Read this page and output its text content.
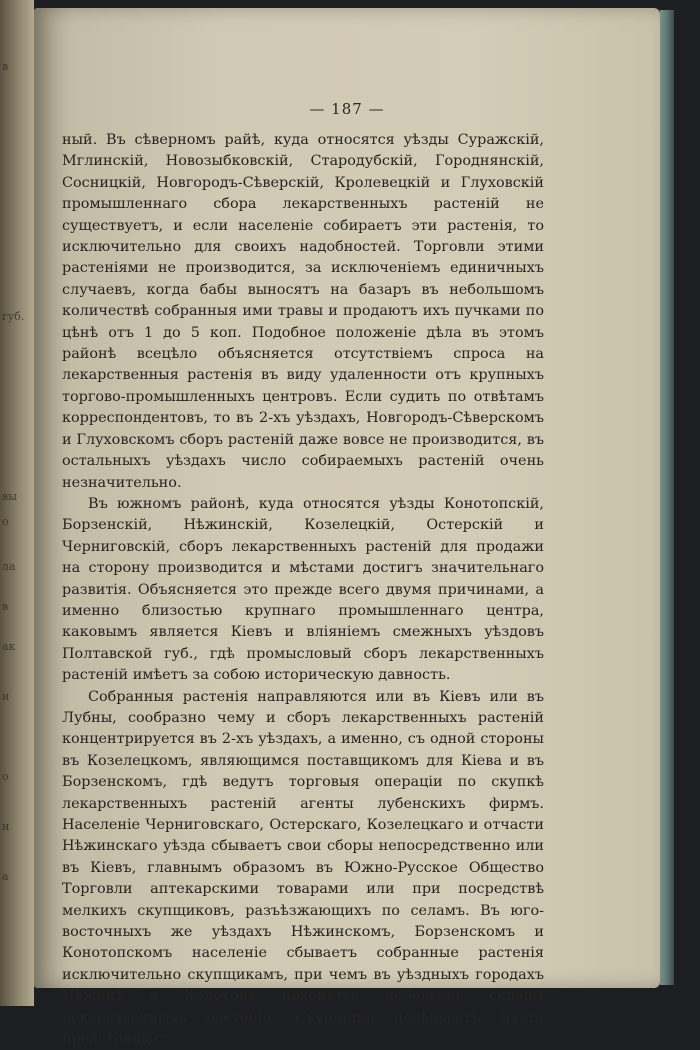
в
губ.
вы
о
ла
в
ак
и
о
н
а
— 187 —

ный. Въ сѣверномъ райѣ, куда относятся уѣзды Суражскій, Мглинскій, Новозыбковскій, Стародубскій, Городнянскій, Сосницкій, Новгородъ-Сѣверскій, Кролевецкій и Глуховскій промышленнаго сбора лекарственныхъ растеній не существуетъ, и если населеніе собираетъ эти растенія, то исключительно для своихъ надобностей. Торговли этими растеніями не производится, за исключеніемъ единичныхъ случаевъ, когда бабы выносятъ на базаръ въ небольшомъ количествѣ собранныя ими травы и продаютъ ихъ пучками по цѣнѣ отъ 1 до 5 коп. Подобное положеніе дѣла въ этомъ районѣ всецѣло объясняется отсутствіемъ спроса на лекарственныя растенія въ виду удаленности отъ крупныхъ торгово-промышленныхъ центровъ. Если судить по отвѣтамъ корреспондентовъ, то въ 2-хъ уѣздахъ, Новгородъ-Сѣверскомъ и Глуховскомъ сборъ растеній даже вовсе не производится, въ остальныхъ уѣздахъ число собираемыхъ растеній очень незначительно.

Въ южномъ районѣ, куда относятся уѣзды Конотопскій, Борзенскій, Нѣжинскій, Козелецкій, Остерскій и Черниговскій, сборъ лекарственныхъ растеній для продажи на сторону производится и мѣстами достигъ значительнаго развитія. Объясняется это прежде всего двумя причинами, а именно близостью крупнаго промышленнаго центра, каковымъ является Кіевъ и вліяніемъ смежныхъ уѣздовъ Полтавской губ., гдѣ промысловый сборъ лекарственныхъ растеній имѣетъ за собою историческую давность.

Собранныя растенія направляются или въ Кіевъ или въ Лубны, сообразно чему и сборъ лекарственныхъ растеній концентрируется въ 2-хъ уѣздахъ, а именно, съ одной стороны въ Козелецкомъ, являющимся поставщикомъ для Кіева и въ Борзенскомъ, гдѣ ведутъ торговыя операціи по скупкѣ лекарственныхъ растеній агенты лубенскихъ фирмъ. Населеніе Черниговскаго, Остерскаго, Козелецкаго и отчасти Нѣжинскаго уѣзда сбываетъ свои сборы непосредственно или въ Кіевъ, главнымъ образомъ въ Южно-Русское Общество Торговли аптекарскими товарами или при посредствѣ мелкихъ скупщиковъ, разъѣзжающихъ по селамъ. Въ юго-восточныхъ же уѣздахъ Нѣжинскомъ, Борзенскомъ и Конотопскомъ населеніе сбываетъ собранные растенія исключительно скупщикамъ, при чемъ въ уѣздныхъ городахъ Нѣжинѣ и Конотопѣ находятся небольшіе склады лекарственныхъ растеній. Скупщики посѣщаютъ мѣста предстоящаго
